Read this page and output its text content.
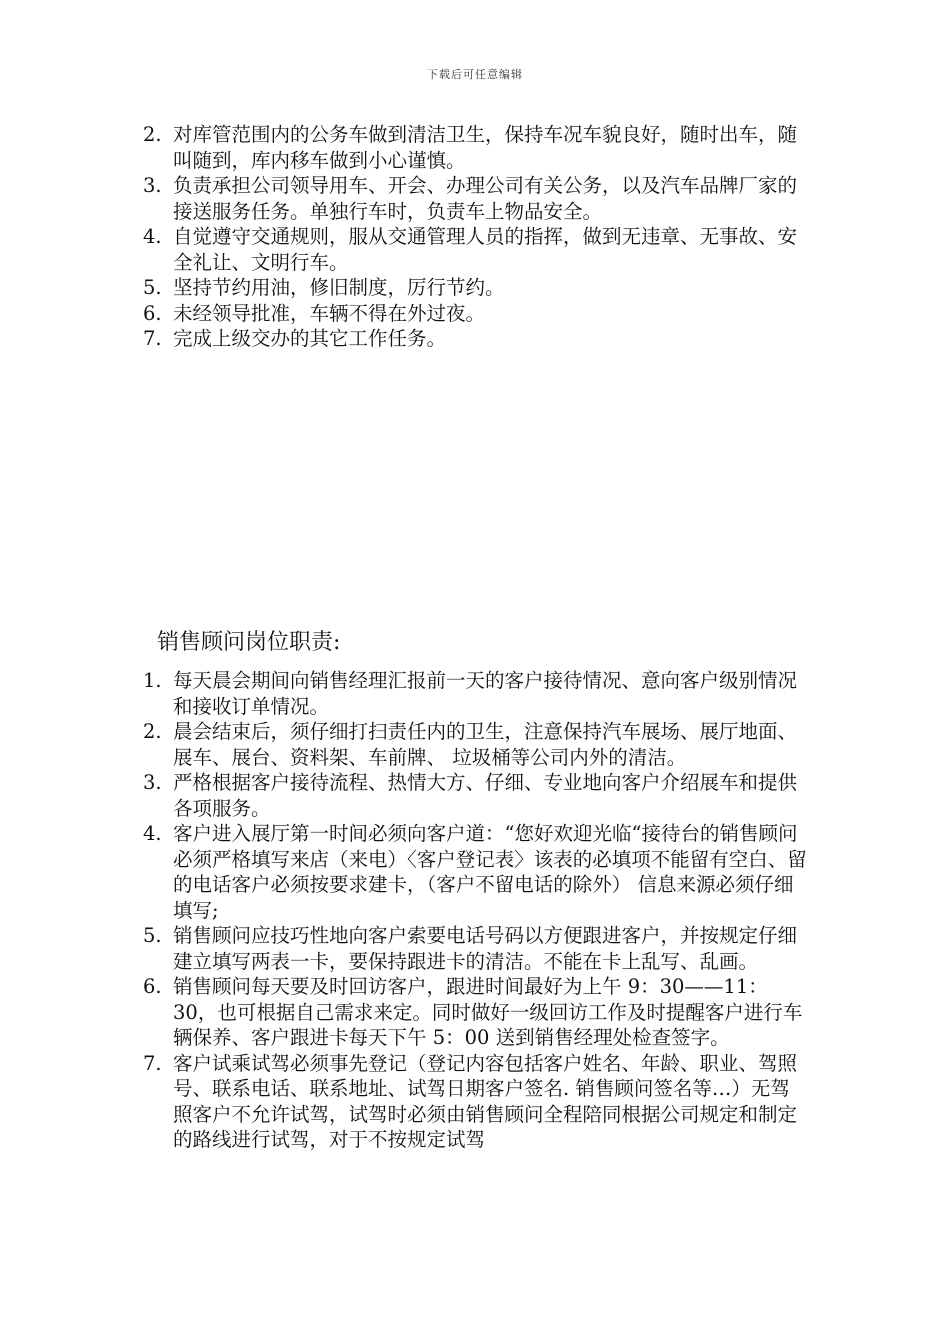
下载后可任意编辑
2. 对库管范围内的公务车做到清洁卫生，保持车况车貌良好，随时出车，随叫随到，库内移车做到小心谨慎。
3. 负责承担公司领导用车、开会、办理公司有关公务，以及汽车品牌厂家的接送服务任务。单独行车时，负责车上物品安全。
4. 自觉遵守交通规则，服从交通管理人员的指挥，做到无违章、无事故、安全礼让、文明行车。
5. 坚持节约用油，修旧制度，厉行节约。
6. 未经领导批准，车辆不得在外过夜。
7. 完成上级交办的其它工作任务。
销售顾问岗位职责:
1. 每天晨会期间向销售经理汇报前一天的客户接待情况、意向客户级别情况和接收订单情况。
2. 晨会结束后，须仔细打扫责任内的卫生，注意保持汽车展场、展厅地面、展车、展台、资料架、车前牌、 垃圾桶等公司内外的清洁。
3. 严格根据客户接待流程、热情大方、仔细、专业地向客户介绍展车和提供各项服务。
4. 客户进入展厅第一时间必须向客户道：“您好欢迎光临“接待台的销售顾问必须严格填写来店（来电）〈客户登记表〉该表的必填项不能留有空白、留的电话客户必须按要求建卡，（客户不留电话的除外） 信息来源必须仔细填写;
5. 销售顾问应技巧性地向客户索要电话号码以方便跟进客户，并按规定仔细建立填写两表一卡，要保持跟进卡的清洁。不能在卡上乱写、乱画。
6. 销售顾问每天要及时回访客户，跟进时间最好为上午 9：30——11：30，也可根据自己需求来定。同时做好一级回访工作及时提醒客户进行车辆保养、客户跟进卡每天下午 5：00 送到销售经理处检查签字。
7. 客户试乘试驾必须事先登记（登记内容包括客户姓名、年龄、职业、驾照号、联系电话、联系地址、试驾日期客户签名. 销售顾问签名等…）无驾照客户不允许试驾，试驾时必须由销售顾问全程陪同根据公司规定和制定的路线进行试驾，对于不按规定试驾
